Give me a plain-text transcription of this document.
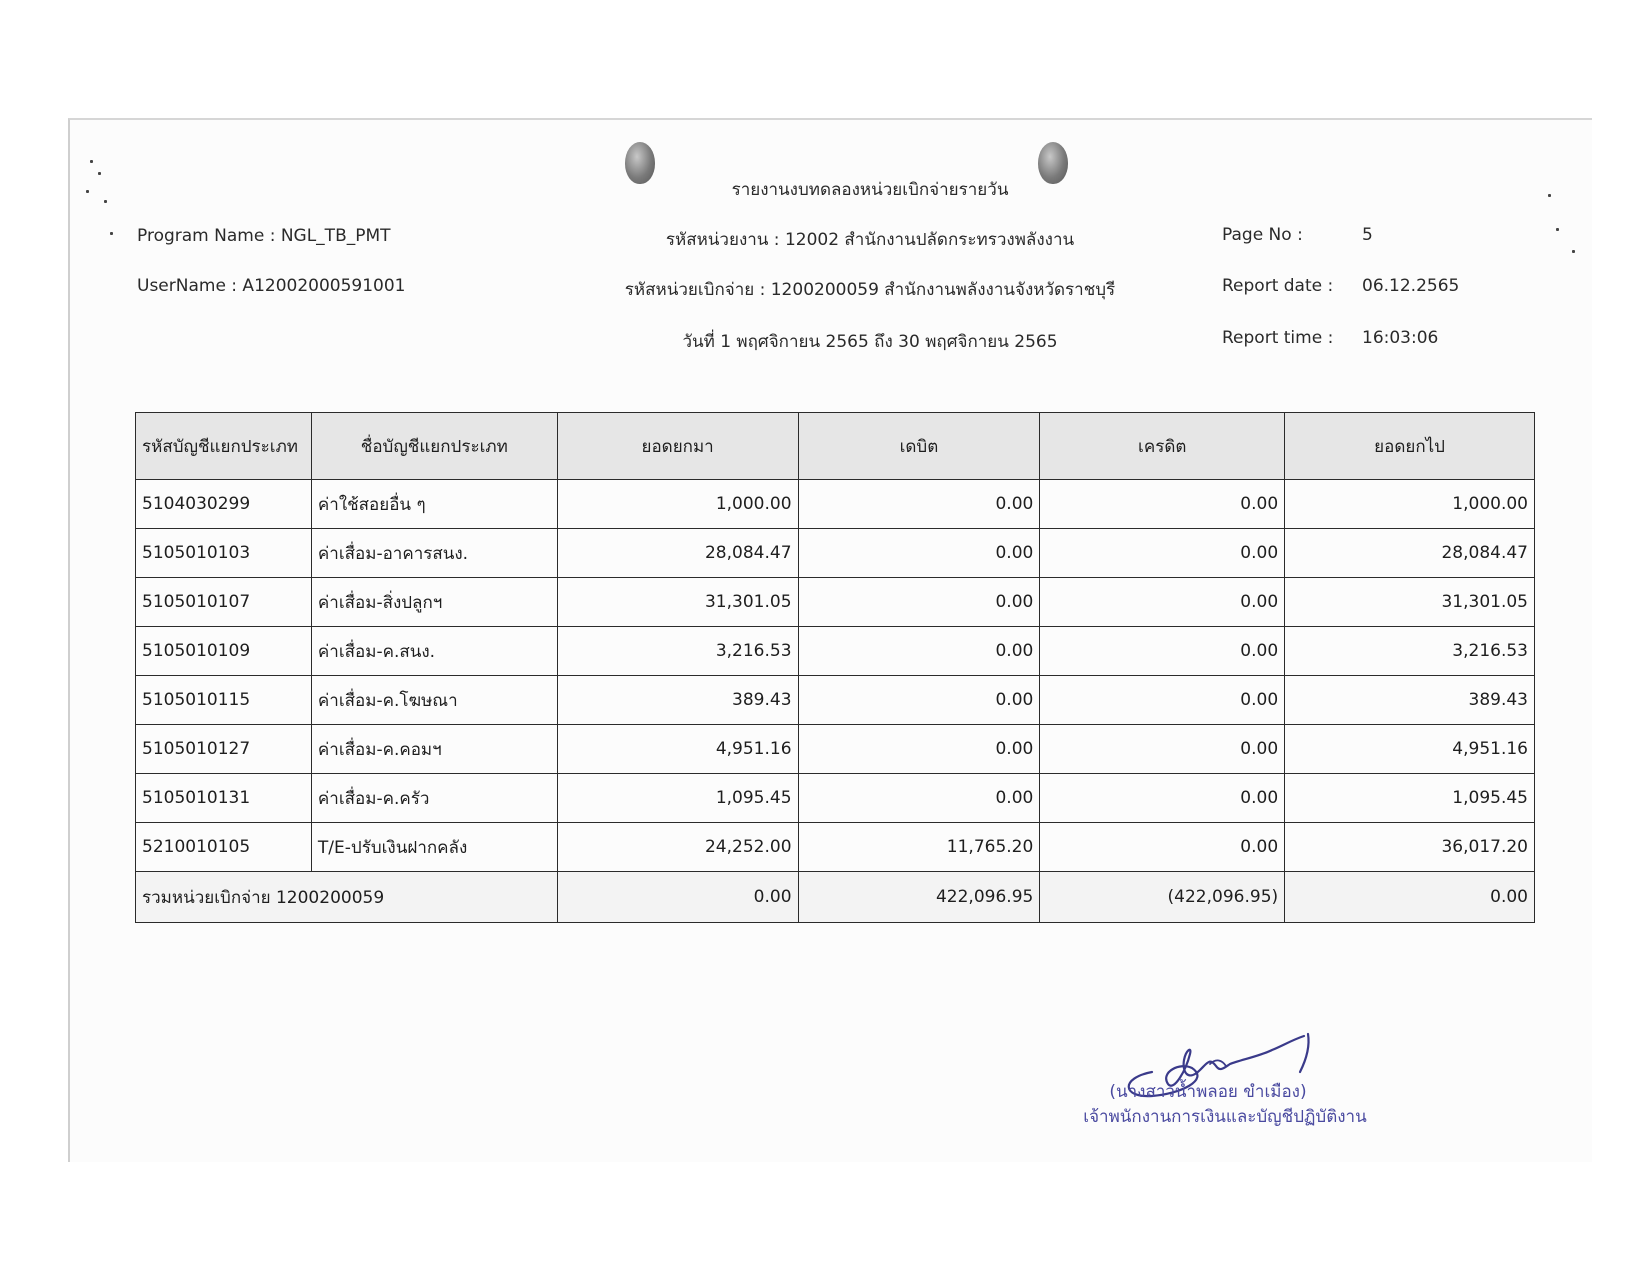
รายงานงบทดลองหน่วยเบิกจ่ายรายวัน
Program Name : NGL_TB_PMT	รหัสหน่วยงาน : 12002 สำนักงานปลัดกระทรวงพลังงาน	Page No :	5
UserName : A12002000591001	รหัสหน่วยเบิกจ่าย : 1200200059 สำนักงานพลังงานจังหวัดราชบุรี	Report date : 06.12.2565
วันที่ 1 พฤศจิกายน 2565 ถึง 30 พฤศจิกายน 2565	Report time : 16:03:06
รหัสบัญชีแยกประเภท	ชื่อบัญชีแยกประเภท	ยอดยกมา	เดบิต	เครดิต	ยอดยกไป
5104030299	ค่าใช้สอยอื่น ๆ	1,000.00	0.00	0.00	1,000.00
5105010103	ค่าเสื่อม-อาคารสนง.	28,084.47	0.00	0.00	28,084.47
5105010107	ค่าเสื่อม-สิ่งปลูกฯ	31,301.05	0.00	0.00	31,301.05
5105010109	ค่าเสื่อม-ค.สนง.	3,216.53	0.00	0.00	3,216.53
5105010115	ค่าเสื่อม-ค.โฆษณา	389.43	0.00	0.00	389.43
5105010127	ค่าเสื่อม-ค.คอมฯ	4,951.16	0.00	0.00	4,951.16
5105010131	ค่าเสื่อม-ค.ครัว	1,095.45	0.00	0.00	1,095.45
5210010105	T/E-ปรับเงินฝากคลัง	24,252.00	11,765.20	0.00	36,017.20
รวมหน่วยเบิกจ่าย 1200200059		0.00	422,096.95	(422,096.95)	0.00
(นางสาวน้ำพลอย ขำเมือง)
เจ้าพนักงานการเงินและบัญชีปฏิบัติงาน
